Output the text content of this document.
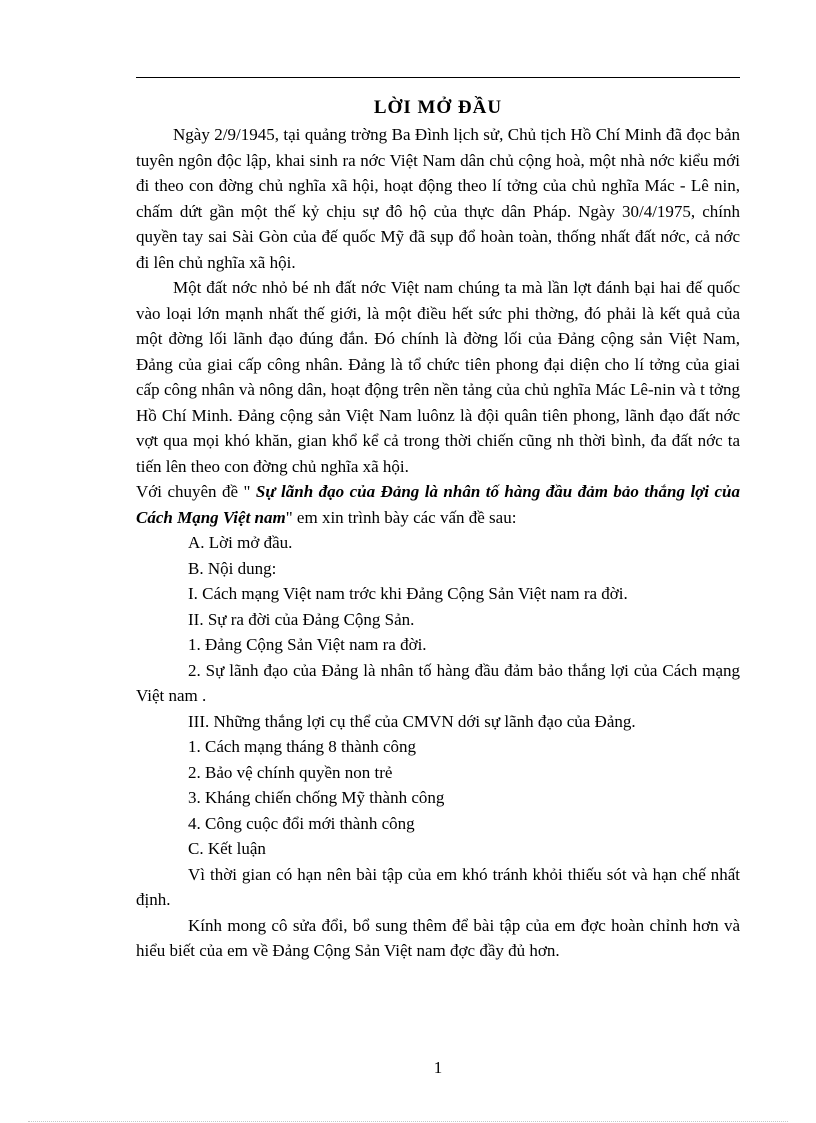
LỜI MỞ ĐẦU

Ngày 2/9/1945, tại quảng trờng Ba Đình lịch sử, Chủ tịch Hồ Chí Minh đã đọc bản tuyên ngôn độc lập, khai sinh ra nớc Việt Nam dân chủ cộng hoà, một nhà nớc kiểu mới đi theo con đờng chủ nghĩa xã hội, hoạt động theo lí tởng của chủ nghĩa Mác - Lê nin, chấm dứt gần một thế kỷ chịu sự đô hộ của thực dân Pháp. Ngày 30/4/1975, chính quyền tay sai Sài Gòn của đế quốc Mỹ đã sụp đổ hoàn toàn, thống nhất đất nớc, cả nớc đi lên chủ nghĩa xã hội.

Một đất nớc nhỏ bé nh đất nớc Việt nam chúng ta mà lần lợt đánh bại hai đế quốc vào loại lớn mạnh nhất thế giới, là một điều hết sức phi thờng, đó phải là kết quả của một đờng lối lãnh đạo đúng đắn. Đó chính là đờng lối của Đảng cộng sản Việt Nam, Đảng của giai cấp công nhân. Đảng là tổ chức tiên phong đại diện cho lí tởng của giai cấp công nhân và nông dân, hoạt động trên nền tảng của chủ nghĩa Mác Lê-nin và t tởng Hồ Chí Minh. Đảng cộng sản Việt Nam luônz là đội quân tiên phong, lãnh đạo đất nớc vợt qua mọi khó khăn, gian khổ kể cả trong thời chiến cũng nh thời bình, đa đất nớc ta tiến lên theo con đờng chủ nghĩa xã hội.

Với chuyên đề " Sự lãnh đạo của Đảng là nhân tố hàng đầu đảm bảo thắng lợi của Cách Mạng Việt nam" em xin trình bày các vấn đề sau:

A. Lời mở đầu.

B. Nội dung:

I. Cách mạng Việt nam trớc khi Đảng Cộng Sản Việt nam ra đời.

II. Sự ra đời của Đảng Cộng Sản.

1. Đảng Cộng Sản Việt nam ra đời.

2. Sự lãnh đạo của Đảng là nhân tố hàng đầu đảm bảo thắng lợi của Cách mạng Việt nam .

III. Những thắng lợi cụ thể của CMVN dới sự lãnh đạo của Đảng.

1. Cách mạng tháng 8 thành công

2. Bảo vệ chính quyền non trẻ

3. Kháng chiến chống Mỹ thành công

4. Công cuộc đổi mới thành công

C. Kết luận

Vì thời gian có hạn nên bài tập của em khó tránh khỏi thiếu sót và hạn chế nhất định.

Kính mong cô sửa đổi, bổ sung thêm để bài tập của em đợc hoàn chỉnh hơn và hiểu biết của em về Đảng Cộng Sản Việt nam đợc đầy đủ hơn.

1
